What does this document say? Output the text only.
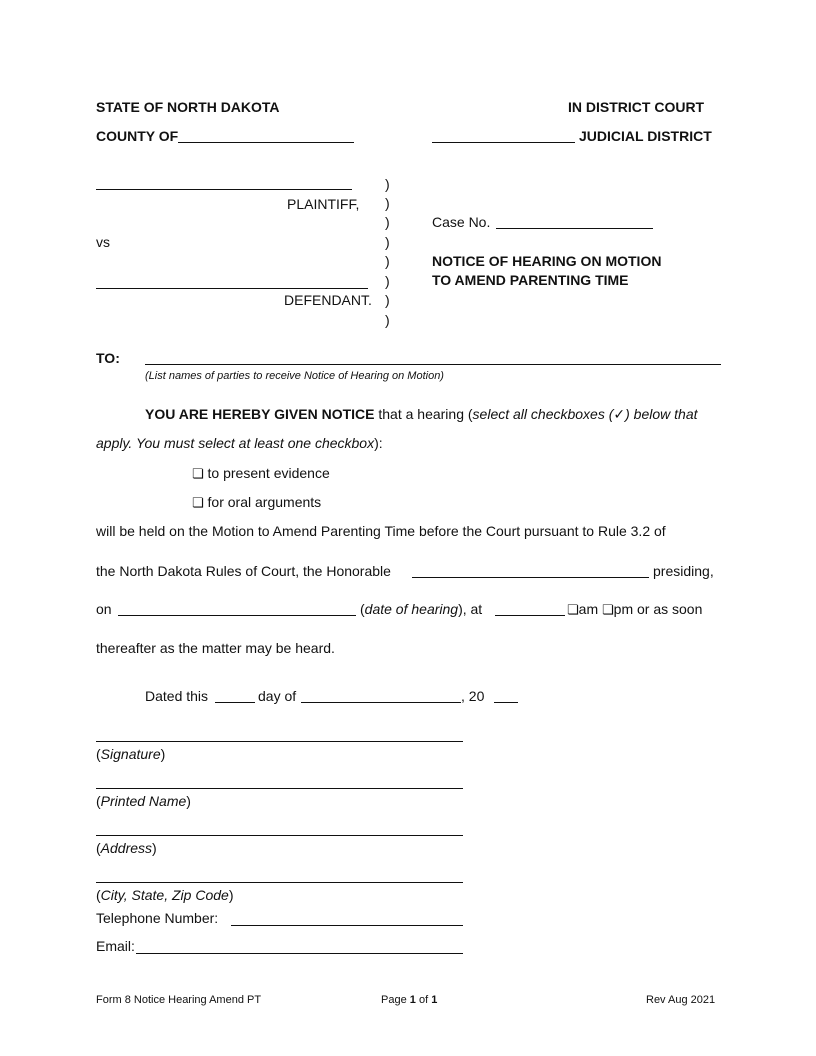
STATE OF NORTH DAKOTA	IN DISTRICT COURT
COUNTY OF	JUDICIAL DISTRICT
PLAINTIFF,
vs
DEFENDANT.
)
)
)
)
)
)
)
)
Case No.
NOTICE OF HEARING ON MOTION
TO AMEND PARENTING TIME
TO:
(List names of parties to receive Notice of Hearing on Motion)
YOU ARE HEREBY GIVEN NOTICE that a hearing (select all checkboxes (✓) below that
apply. You must select at least one checkbox):
❏ to present evidence
❏ for oral arguments
will be held on the Motion to Amend Parenting Time before the Court pursuant to Rule 3.2 of
the North Dakota Rules of Court, the Honorable	presiding,
on	(date of hearing), at	❏am ❏pm or as soon
thereafter as the matter may be heard.
Dated this	day of	, 20
(Signature)
(Printed Name)
(Address)
(City, State, Zip Code)
Telephone Number:
Email:
Form 8 Notice Hearing Amend PT	Page 1 of 1	Rev Aug 2021
